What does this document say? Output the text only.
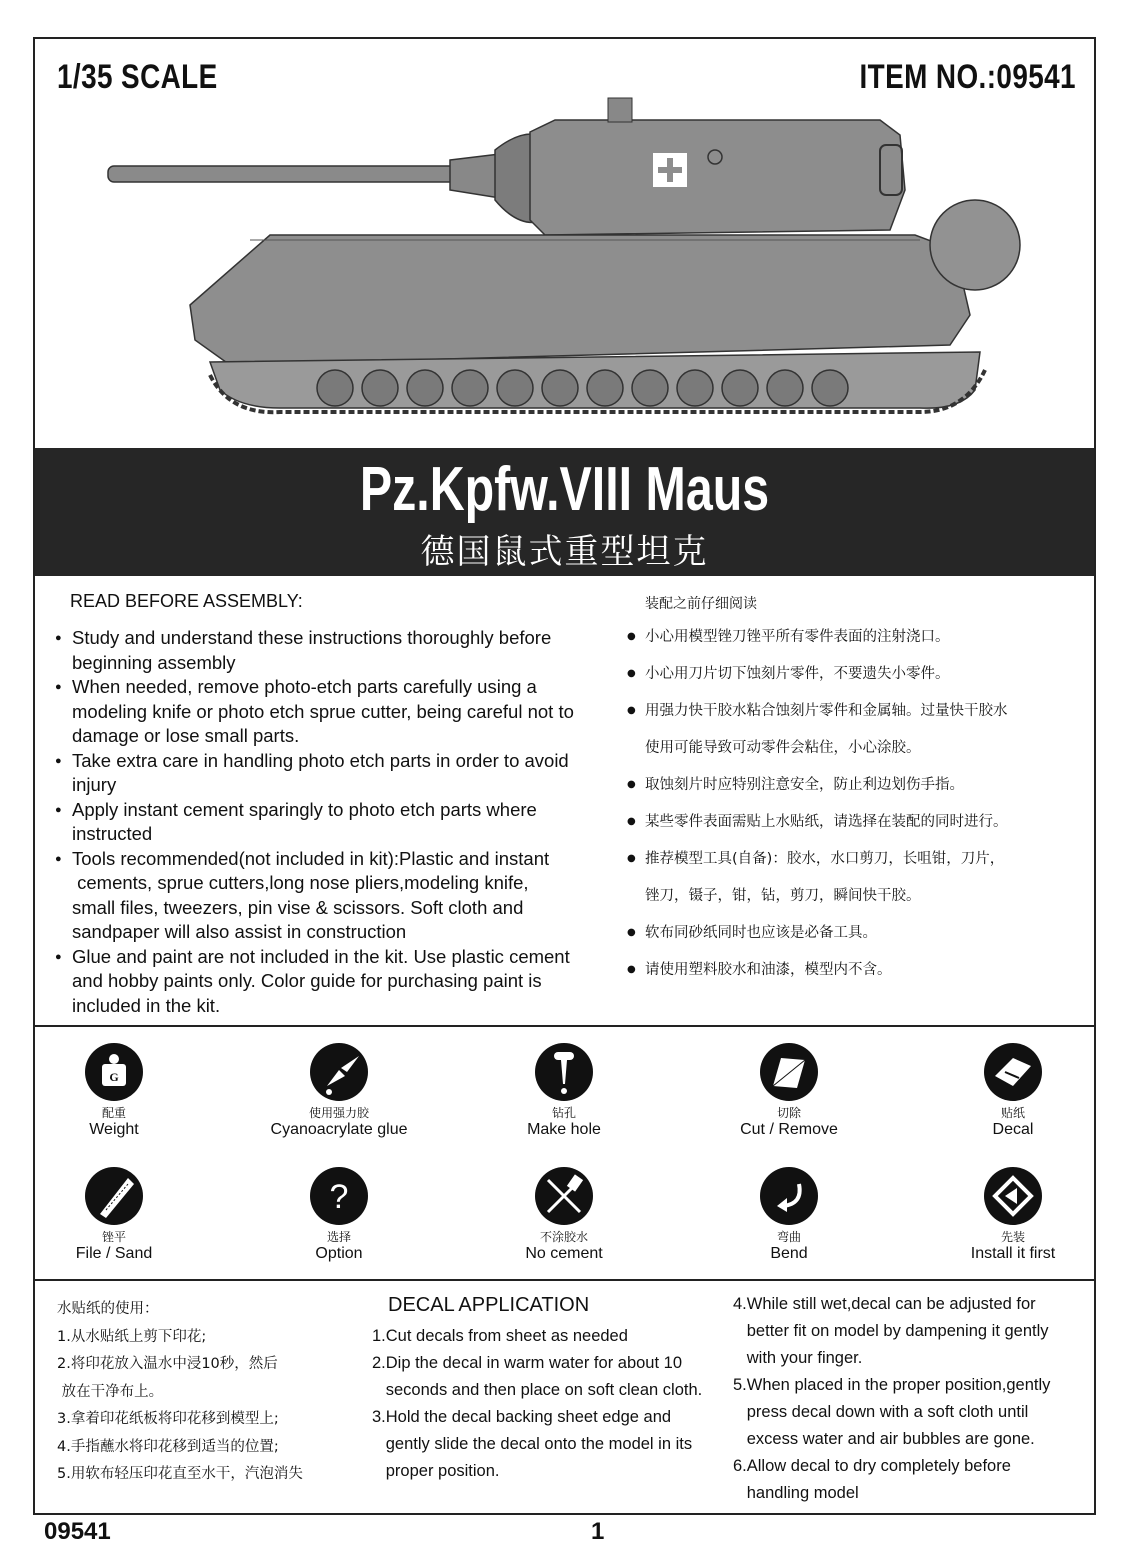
1/35 SCALE	ITEM NO.:09541
Pz.Kpfw.VIII Maus
德国鼠式重型坦克
READ BEFORE ASSEMBLY:
● Study and understand these instructions thoroughly before
beginning assembly
● When needed, remove photo-etch parts carefully using a
modeling knife or photo etch sprue cutter, being careful not to
damage or lose small parts.
● Take extra care in handling photo etch parts in order to avoid
injury
● Apply instant cement sparingly to photo etch parts where
instructed
● Tools recommended(not included in kit):Plastic and instant
cements, sprue cutters,long nose pliers,modeling knife,
small files, tweezers, pin vise & scissors. Soft cloth and
sandpaper will also assist in construction
● Glue and paint are not included in the kit. Use plastic cement
and hobby paints only. Color guide for purchasing paint is
included in the kit.
装配之前仔细阅读
● 小心用模型锉刀锉平所有零件表面的注射浇口。
● 小心用刀片切下蚀刻片零件，不要遗失小零件。
● 用强力快干胶水粘合蚀刻片零件和金属轴。过量快干胶水
使用可能导致可动零件会粘住，小心涂胶。
● 取蚀刻片时应特别注意安全，防止利边划伤手指。
● 某些零件表面需贴上水贴纸，请选择在装配的同时进行。
● 推荐模型工具(自备)：胶水，水口剪刀，长咀钳，刀片，
锉刀，镊子，钳，钻，剪刀，瞬间快干胶。
● 软布同砂纸同时也应该是必备工具。
● 请使用塑料胶水和油漆，模型内不含。
G
配重
Weight
使用强力胶
Cyanoacrylate glue
钻孔
Make hole
切除
Cut / Remove
贴纸
Decal
锉平
File / Sand
?
选择
Option
不涂胶水
No cement
弯曲
Bend
先装
Install it first
水贴纸的使用：
1.从水贴纸上剪下印花;
2.将印花放入温水中浸10秒，然后
放在干净布上。
3.拿着印花纸板将印花移到模型上;
4.手指蘸水将印花移到适当的位置;
5.用软布轻压印花直至水干，汽泡消失
DECAL APPLICATION
1.Cut decals from sheet as needed
2.Dip the decal in warm water for about 10
seconds and then place on soft clean cloth.
3.Hold the decal backing sheet edge and
gently slide the decal onto the model in its
proper position.
4.While still wet,decal can be adjusted for
better fit on model by dampening it gently
with your finger.
5.When placed in the proper position,gently
press decal down with a soft cloth until
excess water and air bubbles are gone.
6.Allow decal to dry completely before
handling model
09541	1
